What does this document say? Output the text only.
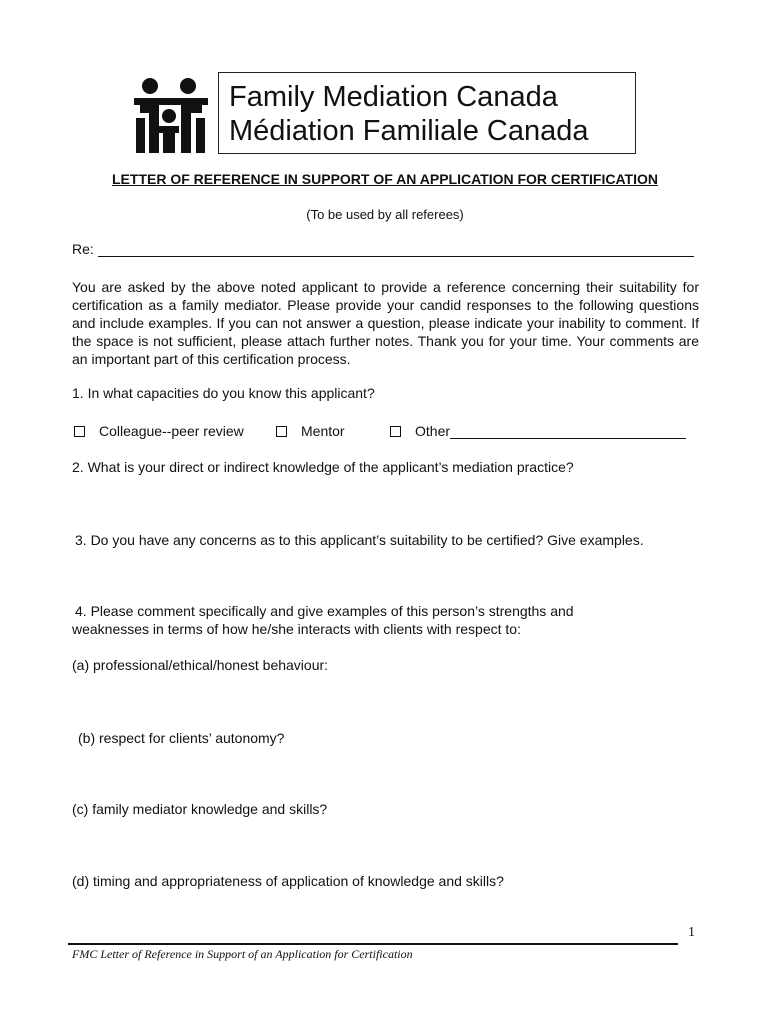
Family Mediation Canada
Médiation Familiale Canada
LETTER OF REFERENCE IN SUPPORT OF AN APPLICATION FOR CERTIFICATION
(To be used by all referees)
Re:
You are asked by the above noted applicant to provide a reference concerning their suitability for certification as a family mediator. Please provide your candid responses to the following questions and include examples. If you can not answer a question, please indicate your inability to comment. If the space is not sufficient, please attach further notes. Thank you for your time. Your comments are an important part of this certification process.
1. In what capacities do you know this applicant?
Colleague--peer review	Mentor	Other
2. What is your direct or indirect knowledge of the applicant’s mediation practice?
3. Do you have any concerns as to this applicant’s suitability to be certified? Give examples.
4. Please comment specifically and give examples of this person’s strengths and
weaknesses in terms of how he/she interacts with clients with respect to:
(a) professional/ethical/honest behaviour:
(b) respect for clients’ autonomy?
(c) family mediator knowledge and skills?
(d) timing and appropriateness of application of knowledge and skills?
1
FMC Letter of Reference in Support of an Application for Certification
